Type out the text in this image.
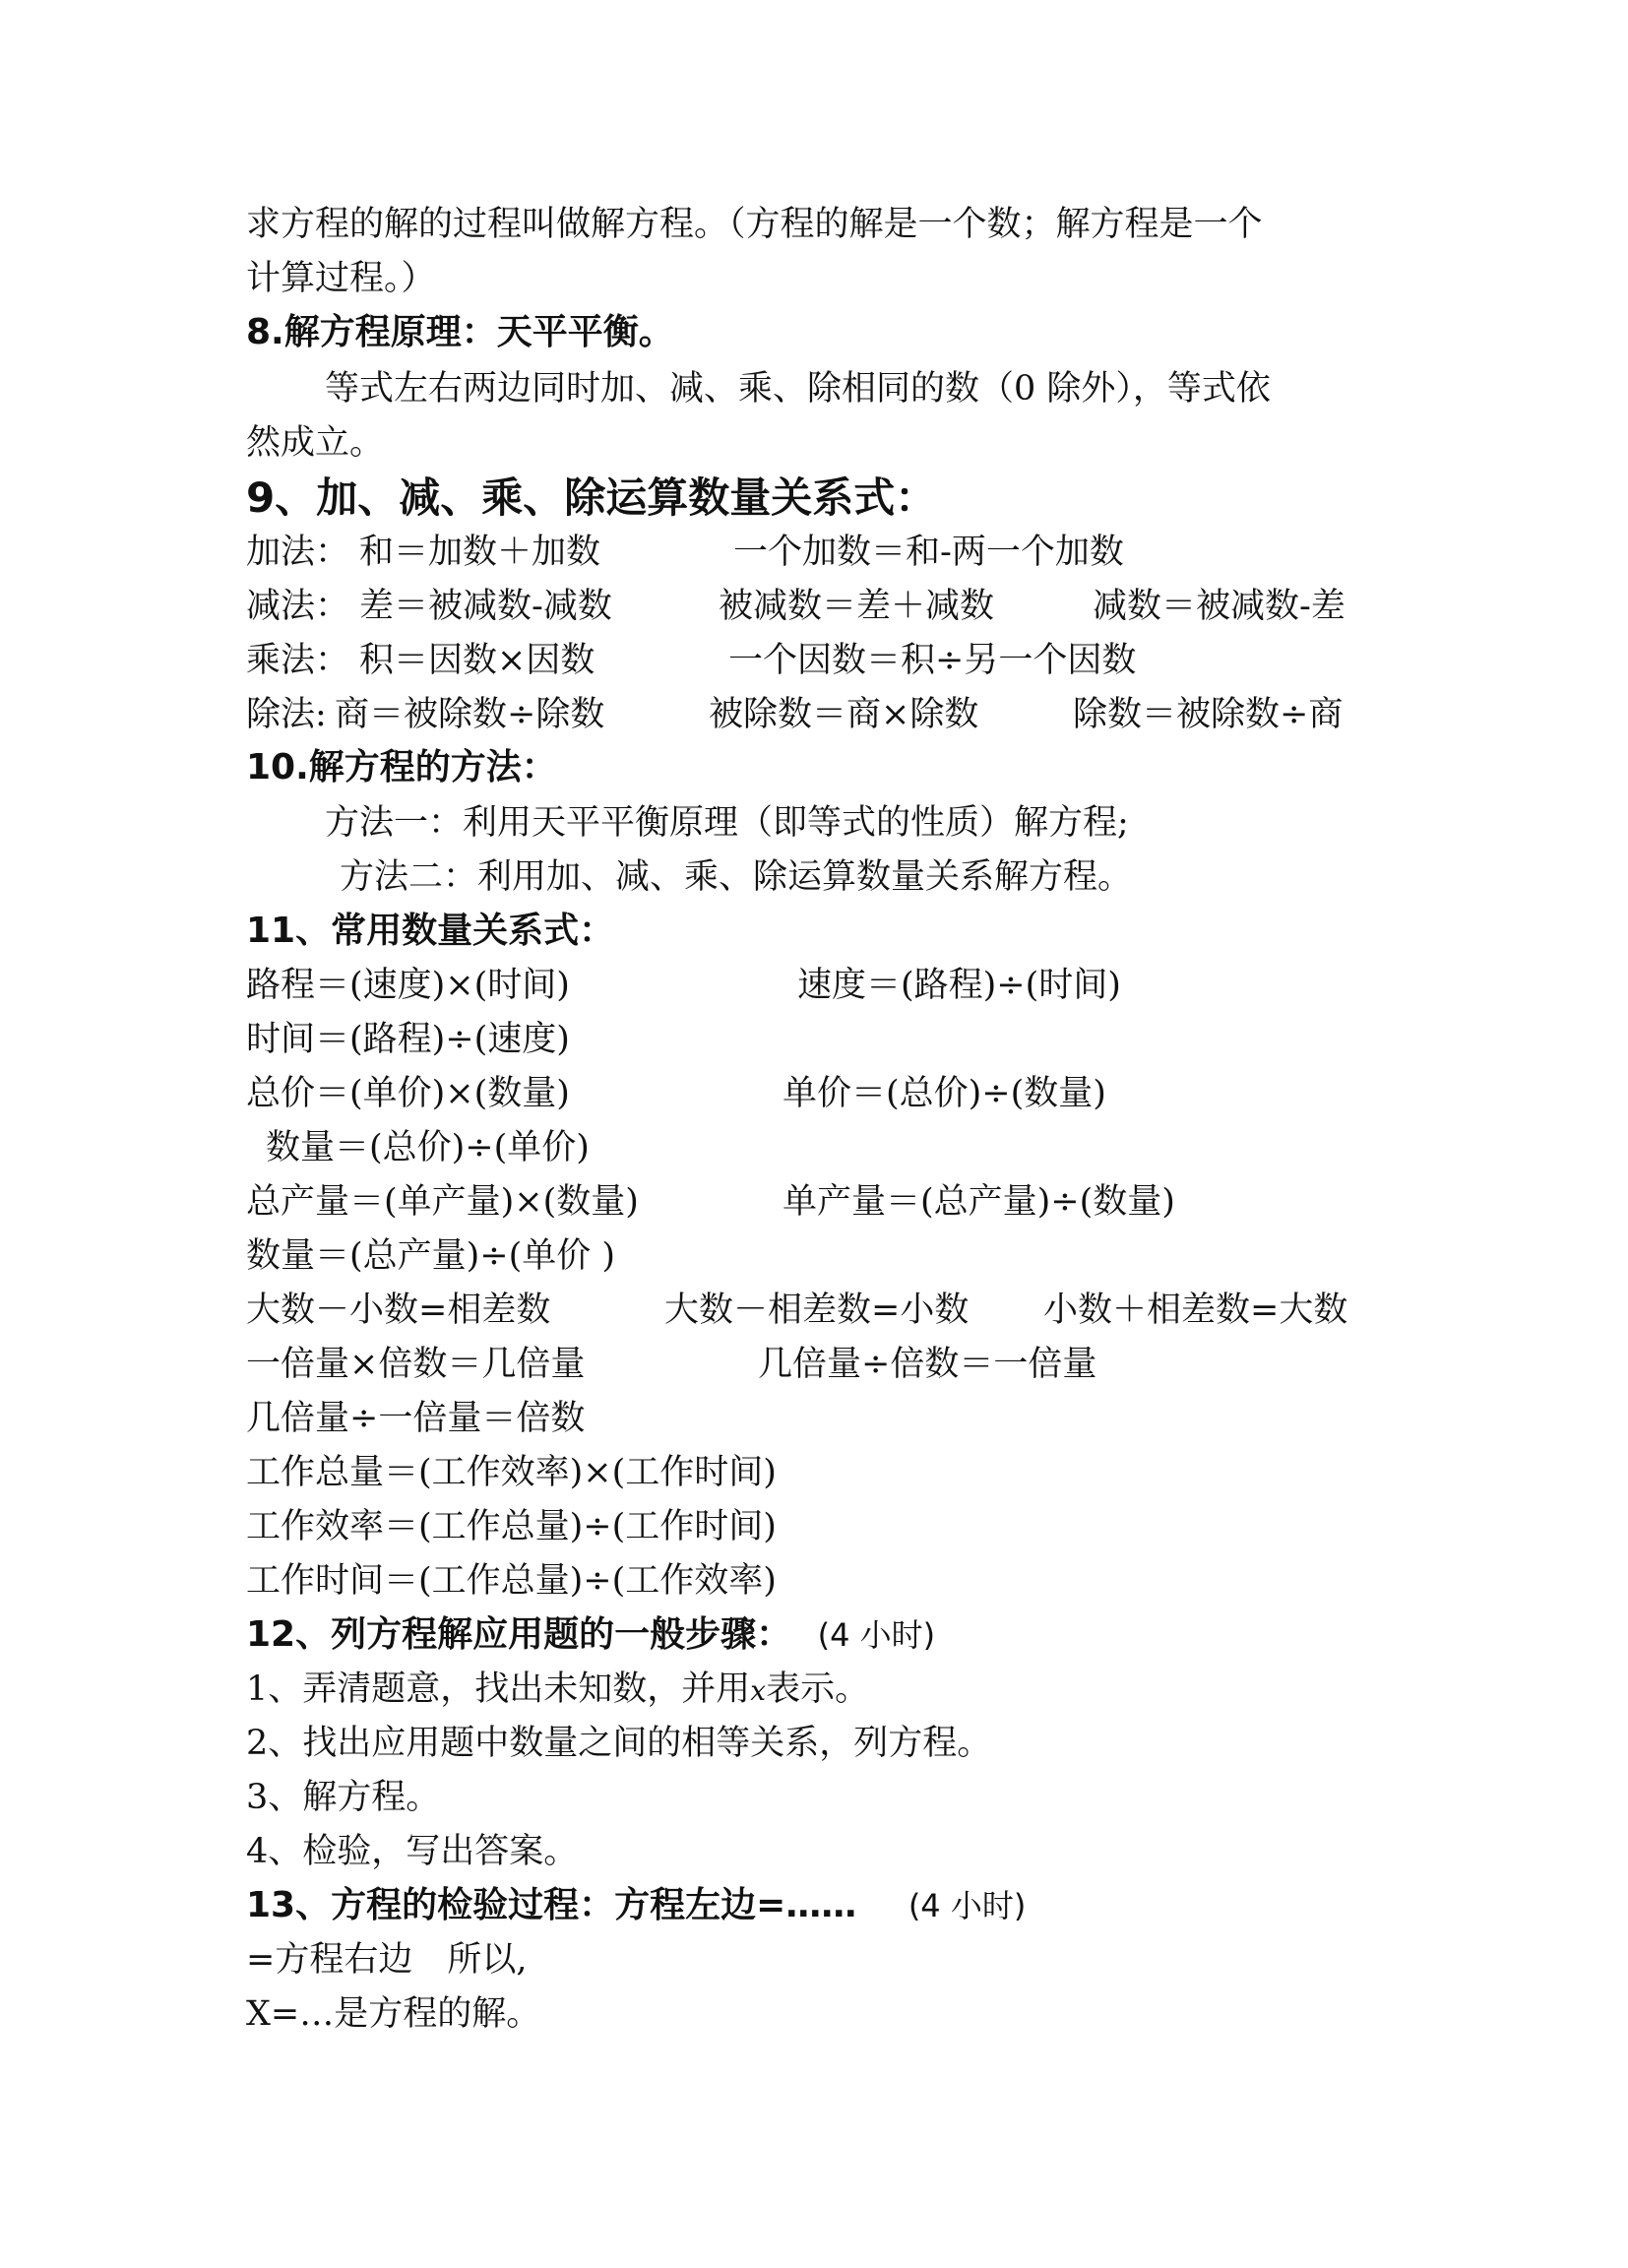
求方程的解的过程叫做解方程。（方程的解是一个数；解方程是一个
计算过程。）
8.解方程原理：天平平衡。
等式左右两边同时加、减、乘、除相同的数（0 除外），等式依
然成立。
9、加、减、乘、除运算数量关系式：
加法： 和＝加数＋加数	一个加数＝和-两一个加数
减法： 差＝被减数-减数	被减数＝差＋减数	减数＝被减数-差
乘法： 积＝因数×因数	一个因数＝积÷另一个因数
除法: 商＝被除数÷除数	被除数＝商×除数	除数＝被除数÷商
10.解方程的方法：
方法一：利用天平平衡原理（即等式的性质）解方程;
方法二：利用加、减、乘、除运算数量关系解方程。
11、常用数量关系式：
路程＝(速度)×(时间)	速度＝(路程)÷(时间)
时间＝(路程)÷(速度)
总价＝(单价)×(数量)	单价＝(总价)÷(数量)
数量＝(总价)÷(单价)
总产量＝(单产量)×(数量)	单产量＝(总产量)÷(数量)
数量＝(总产量)÷(单价 )
大数－小数=相差数	大数－相差数=小数 小数＋相差数=大数
一倍量×倍数＝几倍量	几倍量÷倍数＝一倍量
几倍量÷一倍量＝倍数
工作总量＝(工作效率)×(工作时间)
工作效率＝(工作总量)÷(工作时间)
工作时间＝(工作总量)÷(工作效率)
12、列方程解应用题的一般步骤： (4 小时)
1、弄清题意，找出未知数，并用x表示。
2、找出应用题中数量之间的相等关系，列方程。
3、解方程。
4、检验，写出答案。
13、方程的检验过程：方程左边=…… (4 小时)
=方程右边　所以,
X=…是方程的解。
